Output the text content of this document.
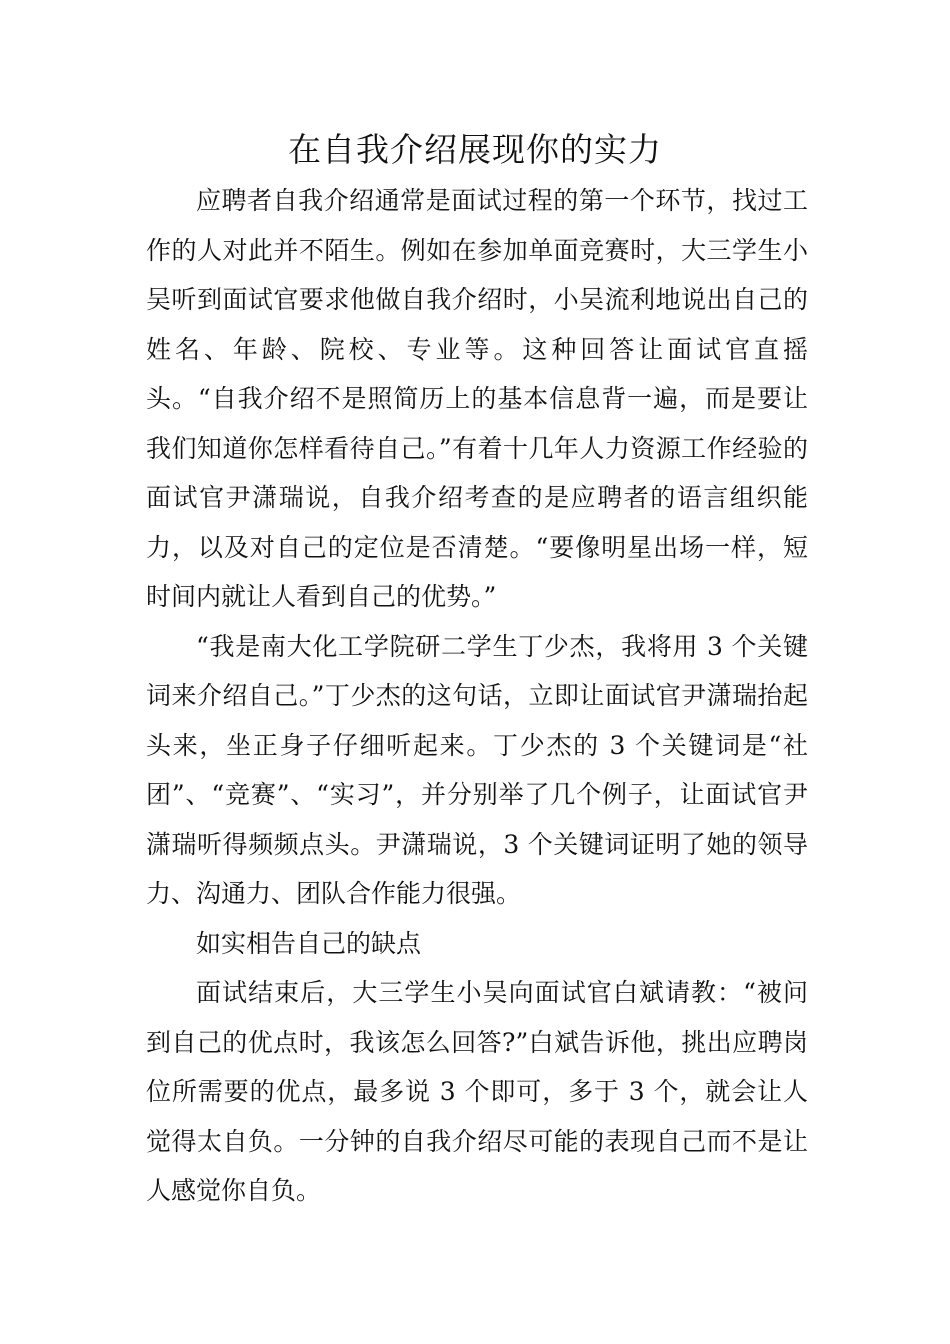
在自我介绍展现你的实力

应聘者自我介绍通常是面试过程的第一个环节，找过工作的人对此并不陌生。例如在参加单面竞赛时，大三学生小吴听到面试官要求他做自我介绍时，小吴流利地说出自己的姓名、年龄、院校、专业等。这种回答让面试官直摇头。“自我介绍不是照简历上的基本信息背一遍，而是要让我们知道你怎样看待自己。”有着十几年人力资源工作经验的面试官尹潇瑞说，自我介绍考查的是应聘者的语言组织能力，以及对自己的定位是否清楚。“要像明星出场一样，短时间内就让人看到自己的优势。”

“我是南大化工学院研二学生丁少杰，我将用 3 个关键词来介绍自己。”丁少杰的这句话，立即让面试官尹潇瑞抬起头来，坐正身子仔细听起来。丁少杰的 3 个关键词是“社团”、“竞赛”、“实习”，并分别举了几个例子，让面试官尹潇瑞听得频频点头。尹潇瑞说，3 个关键词证明了她的领导力、沟通力、团队合作能力很强。

如实相告自己的缺点

面试结束后，大三学生小吴向面试官白斌请教：“被问到自己的优点时，我该怎么回答?”白斌告诉他，挑出应聘岗位所需要的优点，最多说 3 个即可，多于 3 个，就会让人觉得太自负。一分钟的自我介绍尽可能的表现自己而不是让人感觉你自负。
